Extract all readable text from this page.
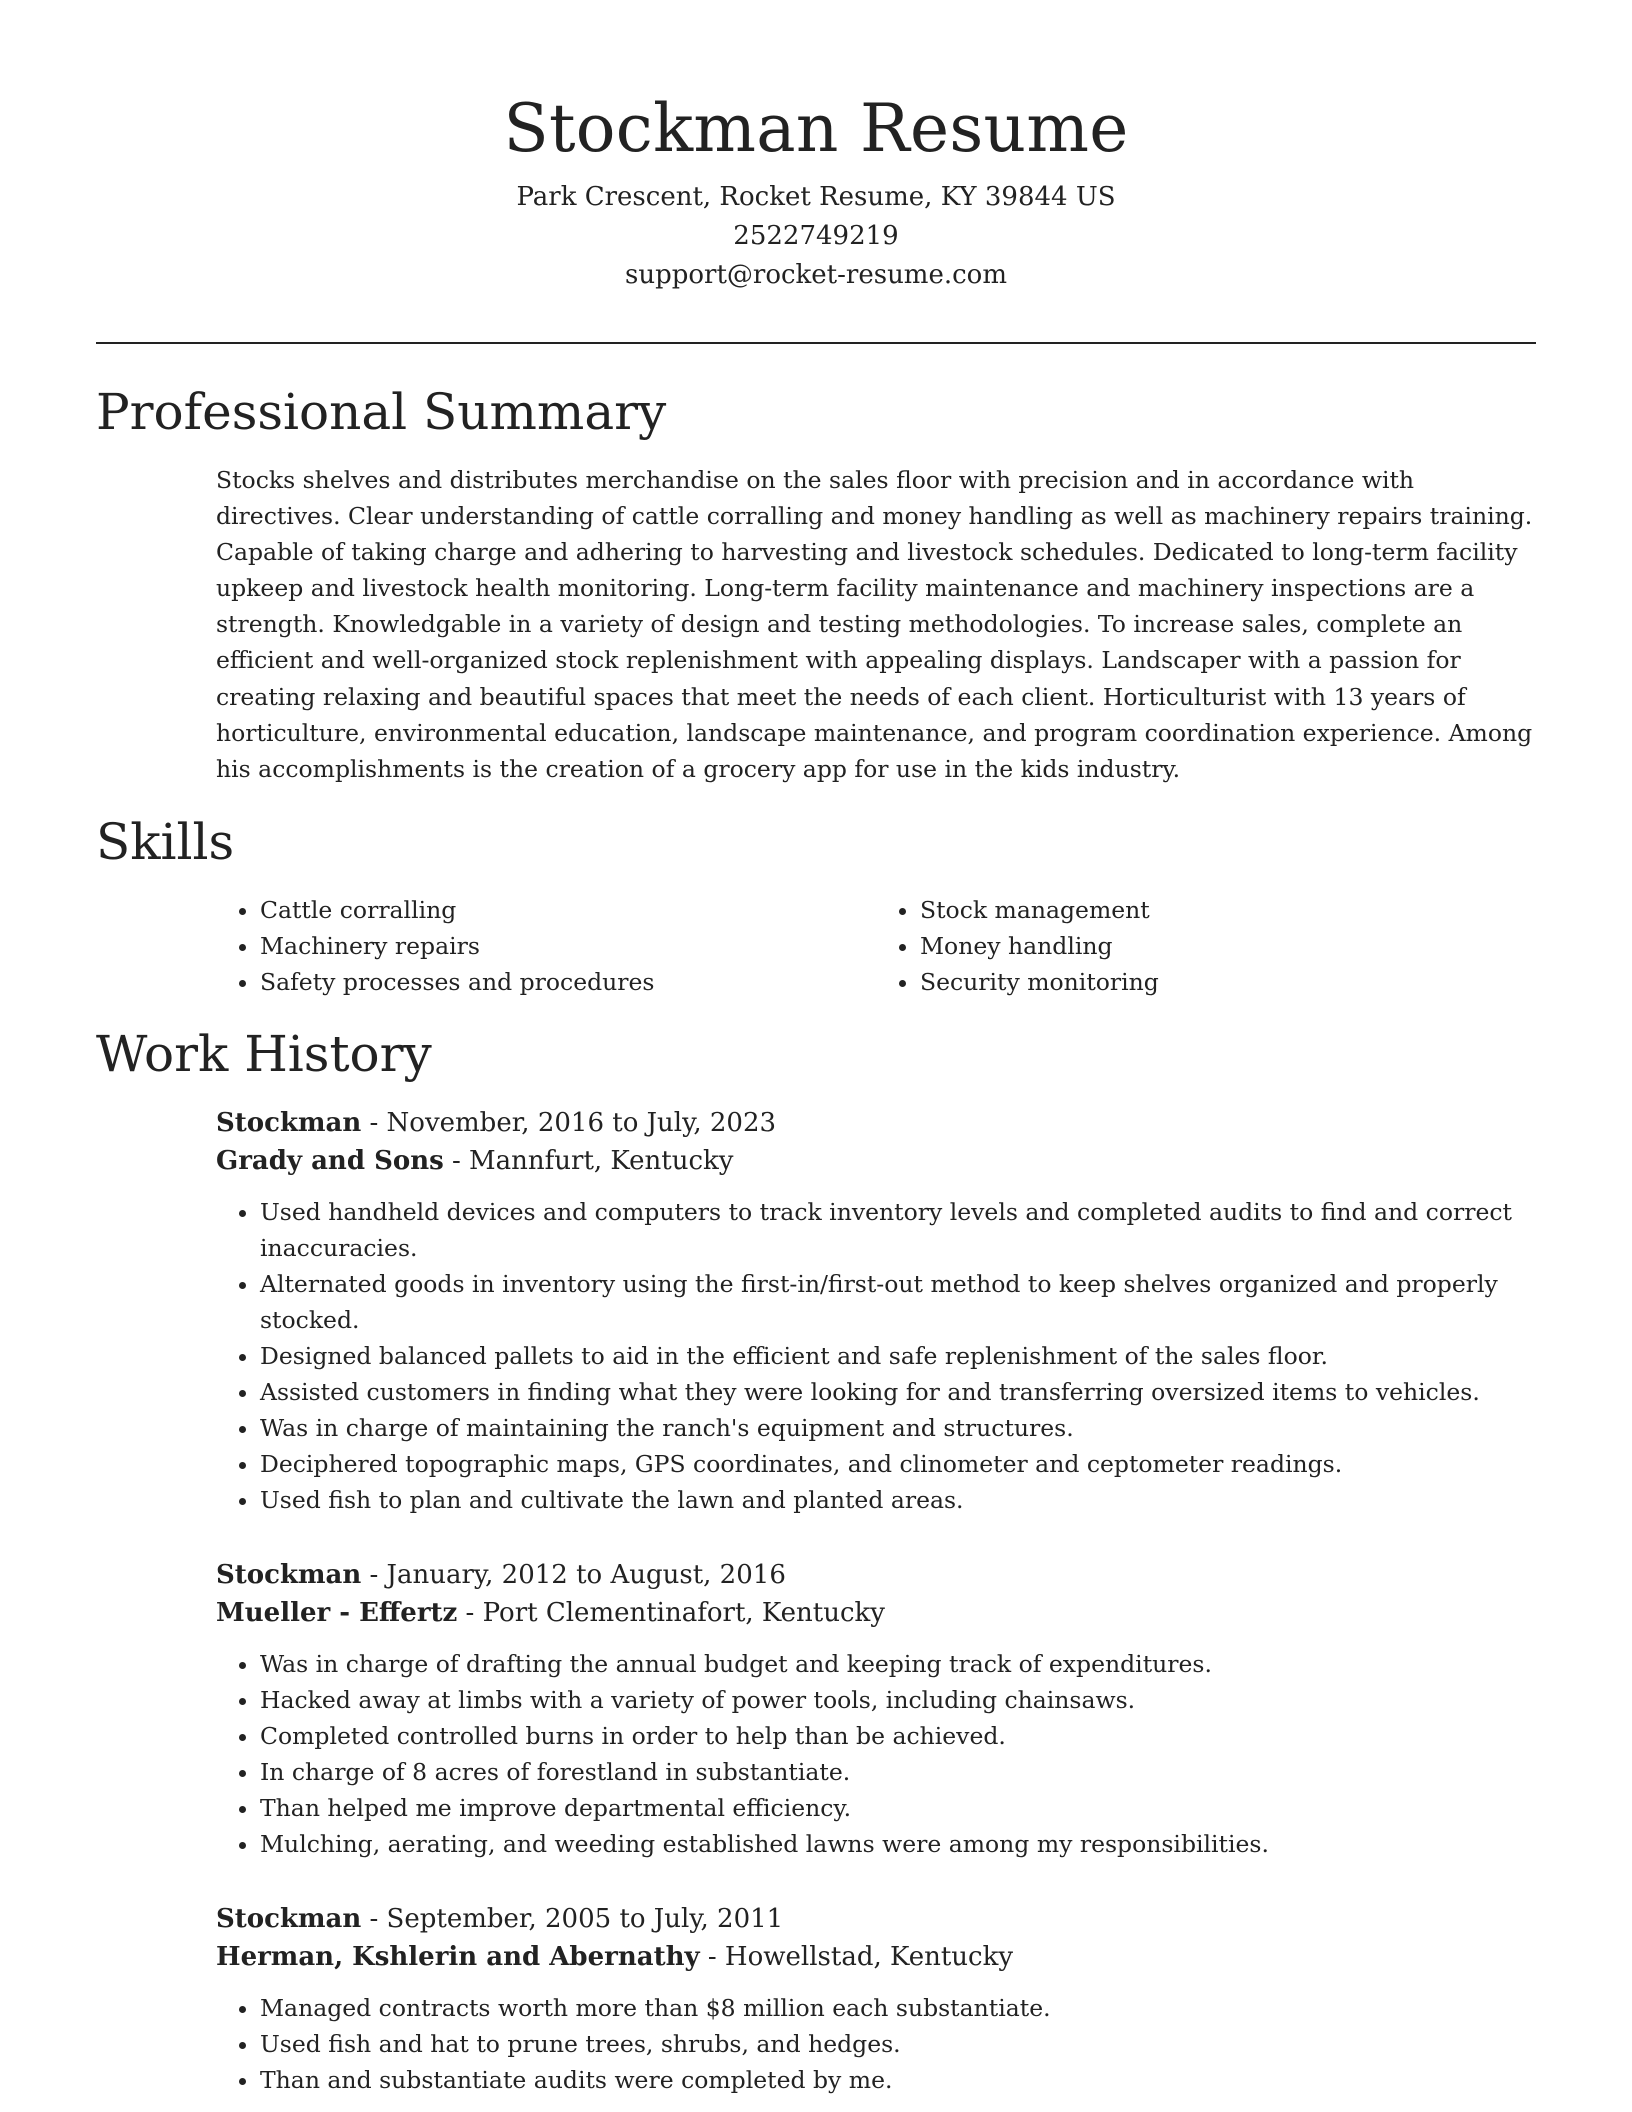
Stockman Resume
Park Crescent, Rocket Resume, KY 39844 US
2522749219
support@rocket-resume.com
Professional Summary
Stocks shelves and distributes merchandise on the sales floor with precision and in accordance with directives. Clear understanding of cattle corralling and money handling as well as machinery repairs training. Capable of taking charge and adhering to harvesting and livestock schedules. Dedicated to long-term facility upkeep and livestock health monitoring. Long-term facility maintenance and machinery inspections are a strength. Knowledgable in a variety of design and testing methodologies. To increase sales, complete an efficient and well-organized stock replenishment with appealing displays. Landscaper with a passion for creating relaxing and beautiful spaces that meet the needs of each client. Horticulturist with 13 years of horticulture, environmental education, landscape maintenance, and program coordination experience. Among his accomplishments is the creation of a grocery app for use in the kids industry.
Skills
• Cattle corralling
• Machinery repairs
• Safety processes and procedures
• Stock management
• Money handling
• Security monitoring
Work History
Stockman - November, 2016 to July, 2023
Grady and Sons - Mannfurt, Kentucky
• Used handheld devices and computers to track inventory levels and completed audits to find and correct inaccuracies.
• Alternated goods in inventory using the first-in/first-out method to keep shelves organized and properly stocked.
• Designed balanced pallets to aid in the efficient and safe replenishment of the sales floor.
• Assisted customers in finding what they were looking for and transferring oversized items to vehicles.
• Was in charge of maintaining the ranch's equipment and structures.
• Deciphered topographic maps, GPS coordinates, and clinometer and ceptometer readings.
• Used fish to plan and cultivate the lawn and planted areas.
Stockman - January, 2012 to August, 2016
Mueller - Effertz - Port Clementinafort, Kentucky
• Was in charge of drafting the annual budget and keeping track of expenditures.
• Hacked away at limbs with a variety of power tools, including chainsaws.
• Completed controlled burns in order to help than be achieved.
• In charge of 8 acres of forestland in substantiate.
• Than helped me improve departmental efficiency.
• Mulching, aerating, and weeding established lawns were among my responsibilities.
Stockman - September, 2005 to July, 2011
Herman, Kshlerin and Abernathy - Howellstad, Kentucky
• Managed contracts worth more than $8 million each substantiate.
• Used fish and hat to prune trees, shrubs, and hedges.
• Than and substantiate audits were completed by me.
